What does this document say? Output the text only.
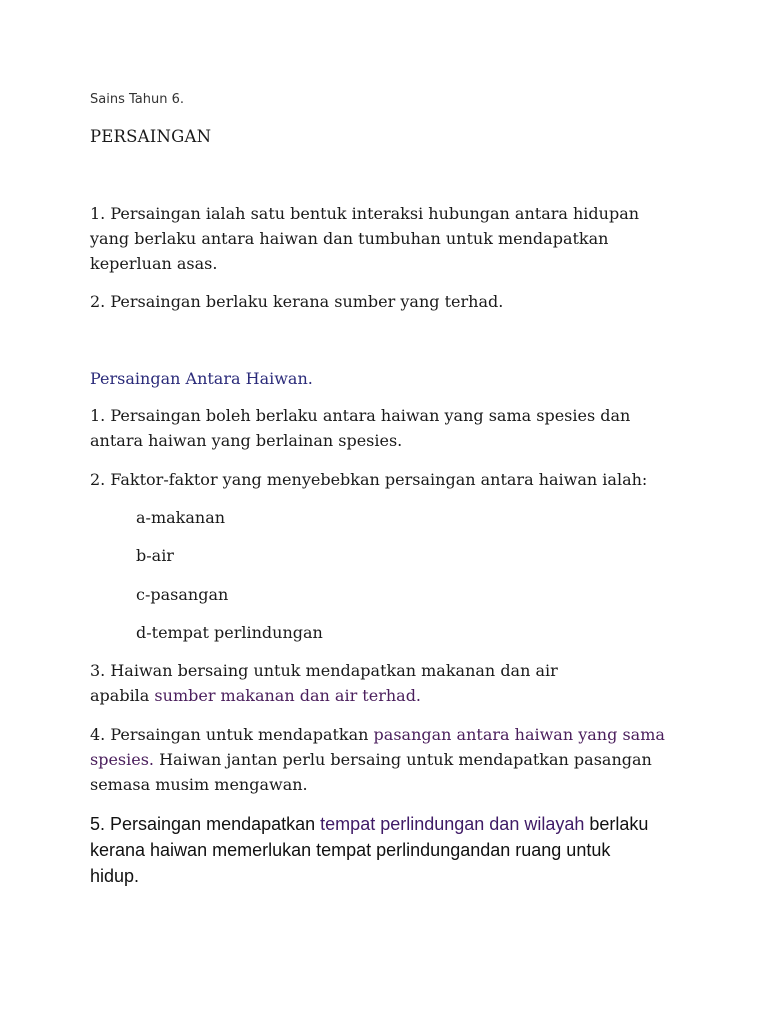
Sains Tahun 6.
PERSAINGAN
1. Persaingan ialah satu bentuk interaksi hubungan antara hidupan
yang berlaku antara haiwan dan tumbuhan untuk mendapatkan
keperluan asas.
2. Persaingan berlaku kerana sumber yang terhad.
Persaingan Antara Haiwan.
1. Persaingan boleh berlaku antara haiwan yang sama spesies dan
antara haiwan yang berlainan spesies.
2. Faktor-faktor yang menyebebkan persaingan antara haiwan ialah:
a-makanan
b-air
c-pasangan
d-tempat perlindungan
3. Haiwan bersaing untuk mendapatkan makanan dan air
apabila sumber makanan dan air terhad.
4. Persaingan untuk mendapatkan pasangan antara haiwan yang sama
spesies. Haiwan jantan perlu bersaing untuk mendapatkan pasangan
semasa musim mengawan.
5. Persaingan mendapatkan tempat perlindungan dan wilayah berlaku
kerana haiwan memerlukan tempat perlindungandan ruang untuk
hidup.
